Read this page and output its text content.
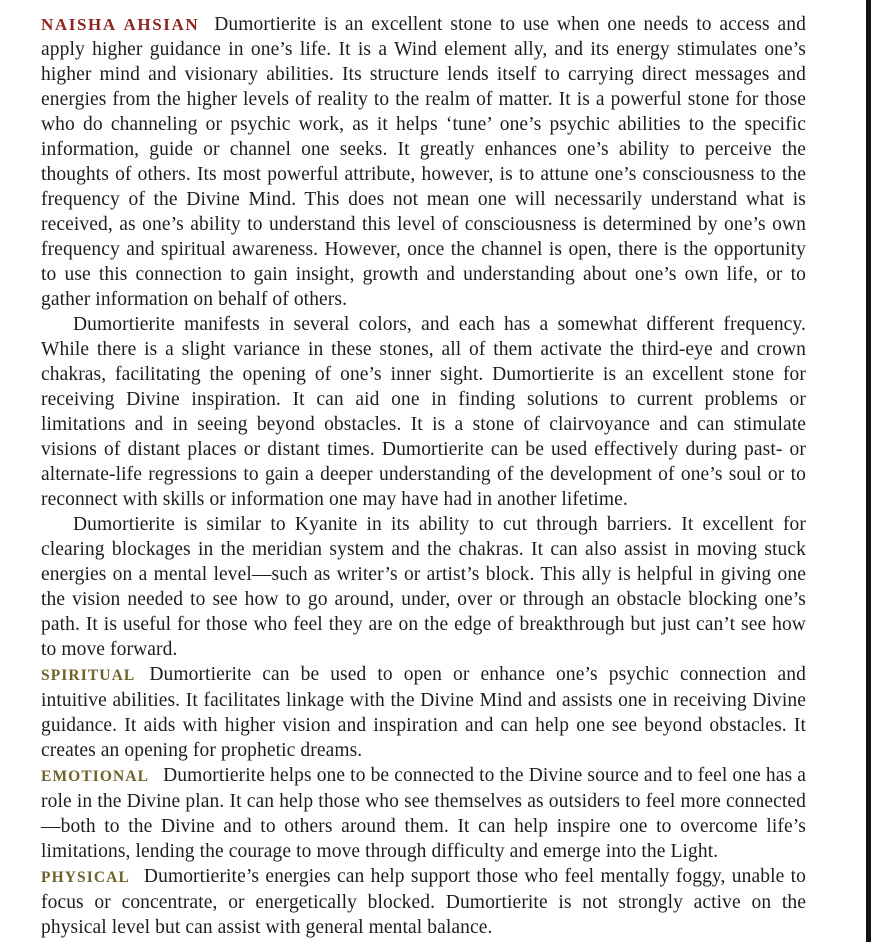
NAISHA AHSIAN Dumortierite is an excellent stone to use when one needs to access and apply higher guidance in one’s life. It is a Wind element ally, and its energy stimulates one’s higher mind and visionary abilities. Its structure lends itself to carrying direct messages and energies from the higher levels of reality to the realm of matter. It is a powerful stone for those who do channeling or psychic work, as it helps ‘tune’ one’s psychic abilities to the specific information, guide or channel one seeks. It greatly enhances one’s ability to perceive the thoughts of others. Its most powerful attribute, however, is to attune one’s consciousness to the frequency of the Divine Mind. This does not mean one will necessarily understand what is received, as one’s ability to understand this level of consciousness is determined by one’s own frequency and spiritual awareness. However, once the channel is open, there is the opportunity to use this connection to gain insight, growth and understanding about one’s own life, or to gather information on behalf of others.

Dumortierite manifests in several colors, and each has a somewhat different frequency. While there is a slight variance in these stones, all of them activate the third-eye and crown chakras, facilitating the opening of one’s inner sight. Dumortierite is an excellent stone for receiving Divine inspiration. It can aid one in finding solutions to current problems or limitations and in seeing beyond obstacles. It is a stone of clairvoyance and can stimulate visions of distant places or distant times. Dumortierite can be used effectively during past- or alternate-life regressions to gain a deeper understanding of the development of one’s soul or to reconnect with skills or information one may have had in another lifetime.

Dumortierite is similar to Kyanite in its ability to cut through barriers. It excellent for clearing blockages in the meridian system and the chakras. It can also assist in moving stuck energies on a mental level—such as writer’s or artist’s block. This ally is helpful in giving one the vision needed to see how to go around, under, over or through an obstacle blocking one’s path. It is useful for those who feel they are on the edge of breakthrough but just can’t see how to move forward.

SPIRITUAL Dumortierite can be used to open or enhance one’s psychic connection and intuitive abilities. It facilitates linkage with the Divine Mind and assists one in receiving Divine guidance. It aids with higher vision and inspiration and can help one see beyond obstacles. It creates an opening for prophetic dreams.

EMOTIONAL Dumortierite helps one to be connected to the Divine source and to feel one has a role in the Divine plan. It can help those who see themselves as outsiders to feel more connected—both to the Divine and to others around them. It can help inspire one to overcome life’s limitations, lending the courage to move through difficulty and emerge into the Light.

PHYSICAL Dumortierite’s energies can help support those who feel mentally foggy, unable to focus or concentrate, or energetically blocked. Dumortierite is not strongly active on the physical level but can assist with general mental balance.
